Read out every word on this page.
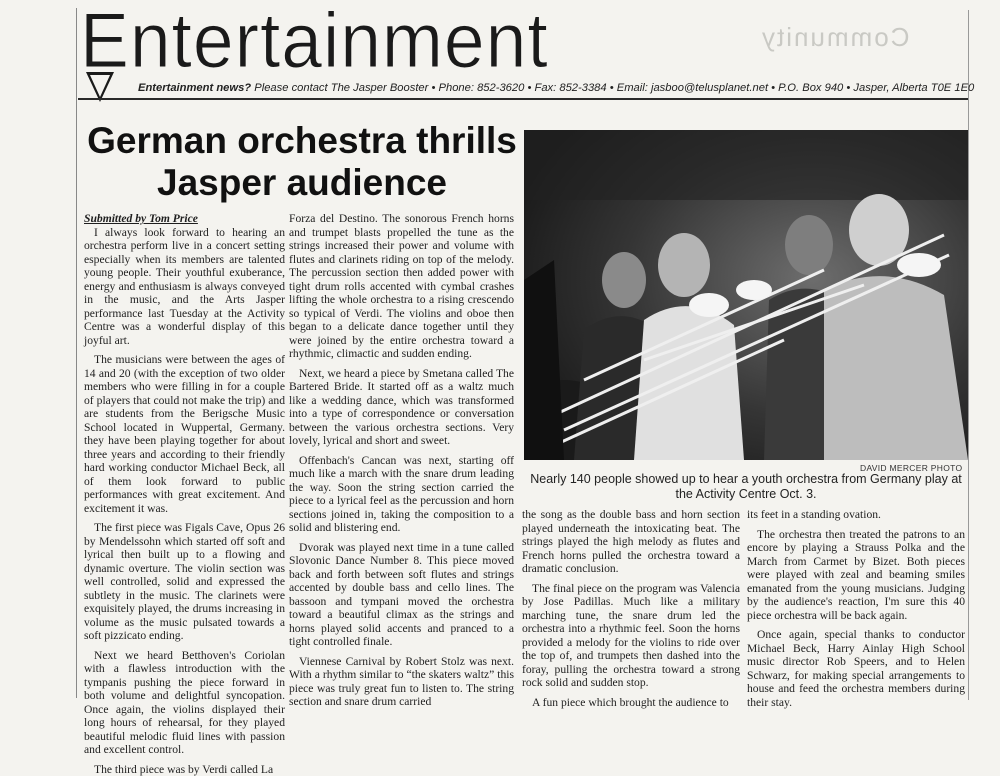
Community
Entertainment
Entertainment news? Please contact The Jasper Booster • Phone: 852-3620 • Fax: 852-3384 • Email: jasboo@telusplanet.net • P.O. Box 940 • Jasper, Alberta T0E 1E0
German orchestra thrills Jasper audience

Submitted by Tom Price

I always look forward to hearing an orchestra perform live in a concert setting especially when its members are talented young people. Their youthful exuberance, energy and enthusiasm is always conveyed in the music, and the Arts Jasper performance last Tuesday at the Activity Centre was a wonderful display of this joyful art.

The musicians were between the ages of 14 and 20 (with the exception of two older members who were filling in for a couple of players that could not make the trip) and are students from the Berigsche Music School located in Wuppertal, Germany. they have been playing together for about three years and according to their friendly hard working conductor Michael Beck, all of them look forward to public performances with great excitement. And excitement it was.

The first piece was Figals Cave, Opus 26 by Mendelssohn which started off soft and lyrical then built up to a flowing and dynamic overture. The violin section was well controlled, solid and expressed the subtlety in the music. The clarinets were exquisitely played, the drums increasing in volume as the music pulsated towards a soft pizzicato ending.

Next we heard Betthoven's Coriolan with a flawless introduction with the tympanis pushing the piece forward in both volume and delightful syncopation. Once again, the violins displayed their long hours of rehearsal, for they played beautiful melodic fluid lines with passion and excellent control.

The third piece was by Verdi called La

Forza del Destino. The sonorous French horns and trumpet blasts propelled the tune as the strings increased their power and volume with flutes and clarinets riding on top of the melody. The percussion section then added power with tight drum rolls accented with cymbal crashes lifting the whole orchestra to a rising crescendo so typical of Verdi. The violins and oboe then began to a delicate dance together until they were joined by the entire orchestra toward a rhythmic, climactic and sudden ending.

Next, we heard a piece by Smetana called The Bartered Bride. It started off as a waltz much like a wedding dance, which was transformed into a type of correspondence or conversation between the various orchestra sections. Very lovely, lyrical and short and sweet.

Offenbach's Cancan was next, starting off much like a march with the snare drum leading the way. Soon the string section carried the piece to a lyrical feel as the percussion and horn sections joined in, taking the composition to a solid and blistering end.

Dvorak was played next time in a tune called Slovonic Dance Number 8. This piece moved back and forth between soft flutes and strings accented by double bass and cello lines. The bassoon and tympani moved the orchestra toward a beautiful climax as the strings and horns played solid accents and pranced to a tight controlled finale.

Viennese Carnival by Robert Stolz was next. With a rhythm similar to “the skaters waltz” this piece was truly great fun to listen to. The string section and snare drum carried

DAVID MERCER PHOTO
Nearly 140 people showed up to hear a youth orchestra from Germany play at the Activity Centre Oct. 3.

the song as the double bass and horn section played underneath the intoxicating beat. The strings played the high melody as flutes and French horns pulled the orchestra toward a dramatic conclusion.

The final piece on the program was Valencia by Jose Padillas. Much like a military marching tune, the snare drum led the orchestra into a rhythmic feel. Soon the horns provided a melody for the violins to ride over the top of, and trumpets then dashed into the foray, pulling the orchestra toward a strong rock solid and sudden stop.

A fun piece which brought the audience to

its feet in a standing ovation.

The orchestra then treated the patrons to an encore by playing a Strauss Polka and the March from Carmet by Bizet. Both pieces were played with zeal and beaming smiles emanated from the young musicians. Judging by the audience's reaction, I'm sure this 40 piece orchestra will be back again.

Once again, special thanks to conductor Michael Beck, Harry Ainlay High School music director Rob Speers, and to Helen Schwarz, for making special arrangements to house and feed the orchestra members during their stay.
